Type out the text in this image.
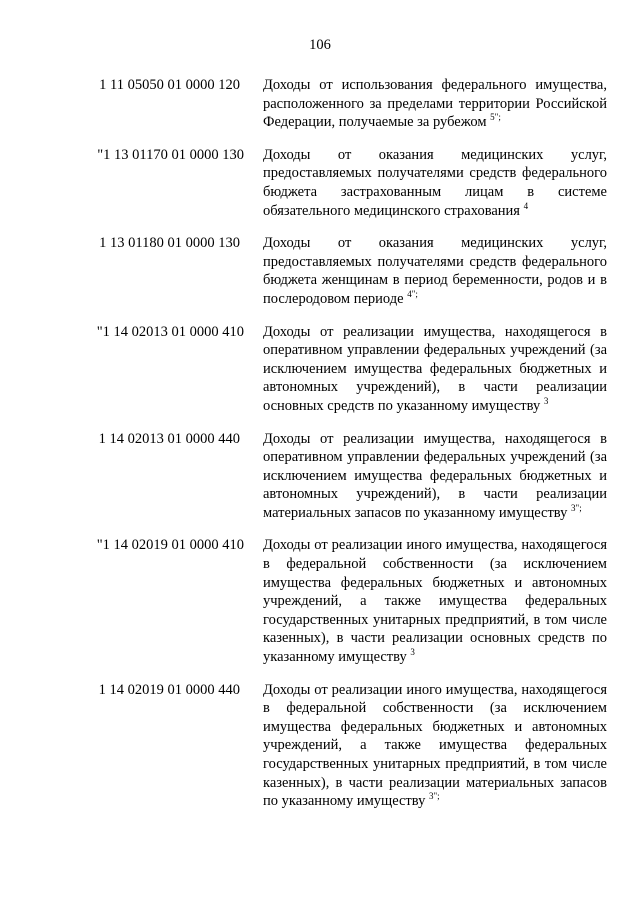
106
1 11 05050 01 0000 120 Доходы от использования федерального имущества, расположенного за пределами территории Российской Федерации, получаемые за рубежом $^{5";}$
"1 13 01170 01 0000 130 Доходы от оказания медицинских услуг, предоставляемых получателями средств федерального бюджета застрахованным лицам в системе обязательного медицинского страхования $^4$
1 13 01180 01 0000 130 Доходы от оказания медицинских услуг, предоставляемых получателями средств федерального бюджета женщинам в период беременности, родов и в послеродовом периоде $^{4";}$
"1 14 02013 01 0000 410 Доходы от реализации имущества, находящегося в оперативном управлении федеральных учреждений (за исключением имущества федеральных бюджетных и автономных учреждений), в части реализации основных средств по указанному имуществу $^3$
1 14 02013 01 0000 440 Доходы от реализации имущества, находящегося в оперативном управлении федеральных учреждений (за исключением имущества федеральных бюджетных и автономных учреждений), в части реализации материальных запасов по указанному имуществу $^{3";}$
"1 14 02019 01 0000 410 Доходы от реализации иного имущества, находящегося в федеральной собственности (за исключением имущества федеральных бюджетных и автономных учреждений, а также имущества федеральных государственных унитарных предприятий, в том числе казенных), в части реализации основных средств по указанному имуществу $^3$
1 14 02019 01 0000 440 Доходы от реализации иного имущества, находящегося в федеральной собственности (за исключением имущества федеральных бюджетных и автономных учреждений, а также имущества федеральных государственных унитарных предприятий, в том числе казенных), в части реализации материальных запасов по указанному имуществу $^{3";}$
